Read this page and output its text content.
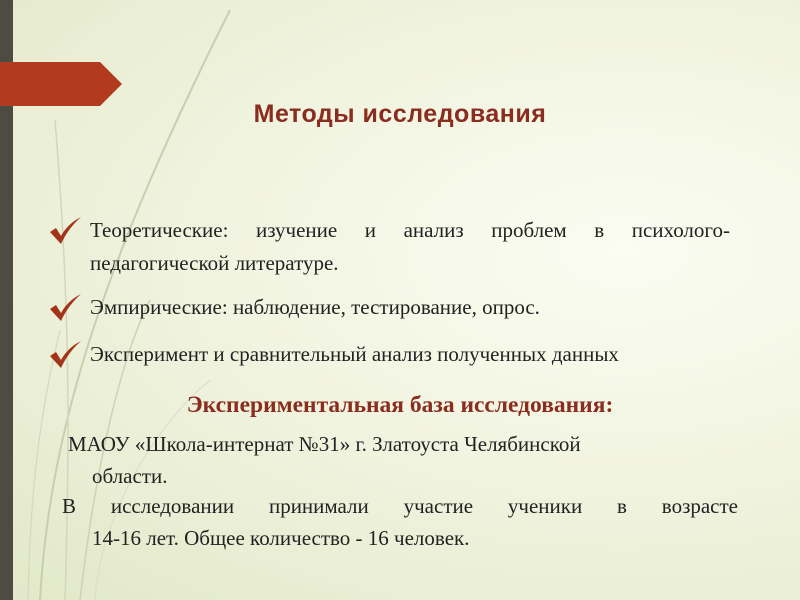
Методы исследования
Теоретические: изучение и анализ проблем в психолого-педагогической литературе.
Эмпирические: наблюдение, тестирование, опрос.
Эксперимент и сравнительный анализ полученных данных
Экспериментальная база исследования:
МАОУ «Школа-интернат №31» г. Златоуста Челябинской
области.
В исследовании принимали участие ученики в возрасте
14-16 лет. Общее количество - 16 человек.
